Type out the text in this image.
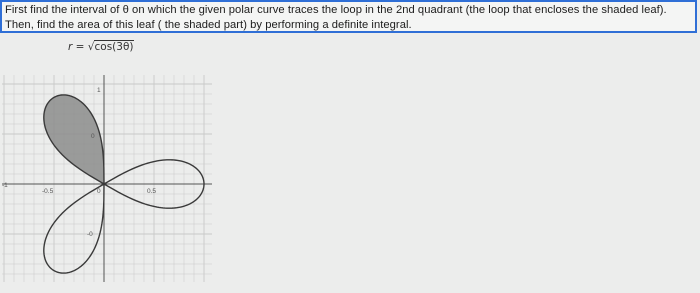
First find the interval of θ on which the given polar curve traces the loop in the 2nd quadrant (the loop that encloses the shaded leaf). Then, find the area of this leaf ( the shaded part) by performing a definite integral.
r = √cos(3θ)
1
0
-0.5	0.5
0
-0
-1
